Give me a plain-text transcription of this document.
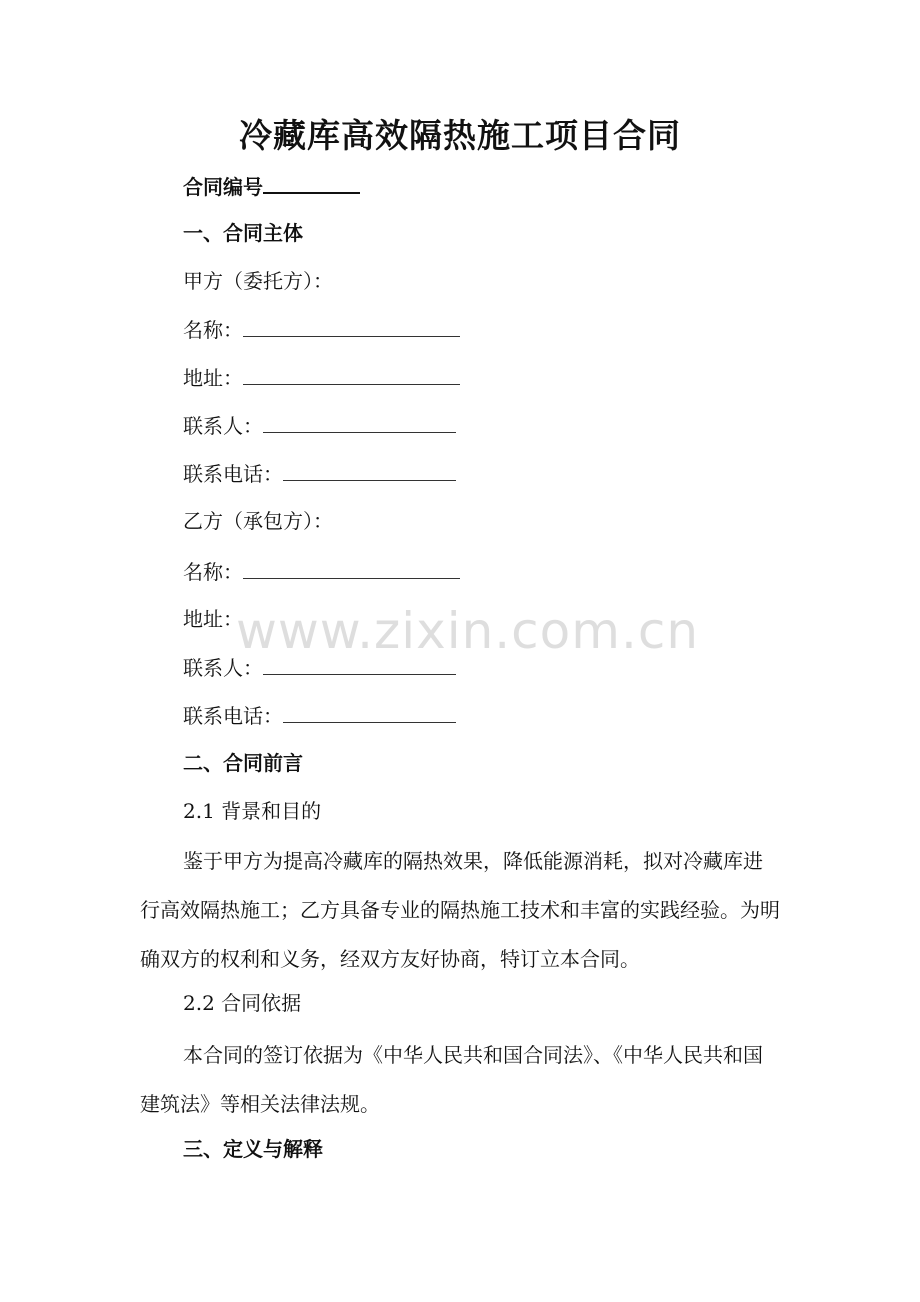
冷藏库高效隔热施工项目合同
合同编号
一、合同主体
甲方（委托方）：
名称：
地址：
联系人：
联系电话：
乙方（承包方）：
名称：
地址：
联系人：
联系电话：
二、合同前言
2.1 背景和目的
鉴于甲方为提高冷藏库的隔热效果，降低能源消耗，拟对冷藏库进行高效隔热施工；乙方具备专业的隔热施工技术和丰富的实践经验。为明确双方的权利和义务，经双方友好协商，特订立本合同。
2.2 合同依据
本合同的签订依据为《中华人民共和国合同法》、《中华人民共和国建筑法》等相关法律法规。
三、定义与解释
www.zixin.com.cn
